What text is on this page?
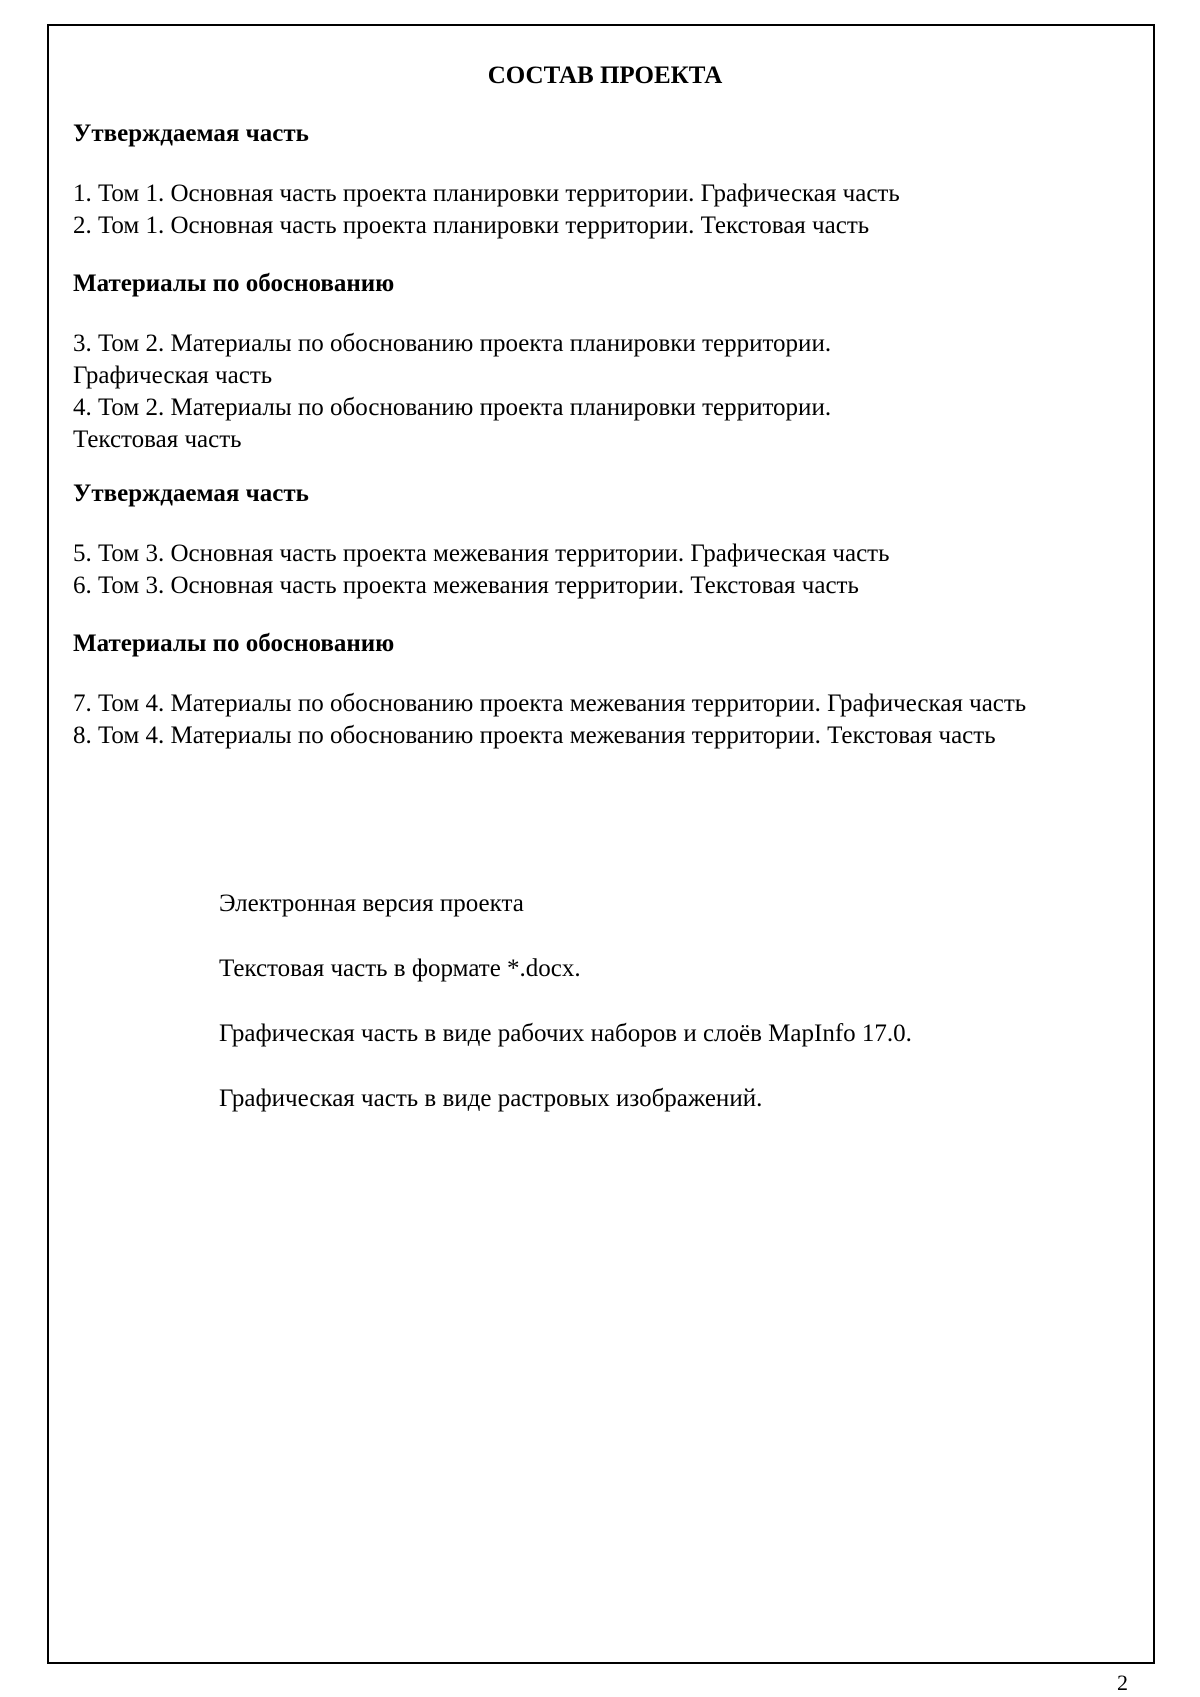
СОСТАВ ПРОЕКТА

Утверждаемая часть

1. Том 1. Основная часть проекта планировки территории. Графическая часть

2. Том 1. Основная часть проекта планировки территории. Текстовая часть

Материалы по обоснованию

3. Том 2. Материалы по обоснованию проекта планировки территории. Графическая часть

4. Том 2. Материалы по обоснованию проекта планировки территории. Текстовая часть

Утверждаемая часть

5. Том 3. Основная часть проекта межевания территории. Графическая часть

6. Том 3. Основная часть проекта межевания территории. Текстовая часть

Материалы по обоснованию

7. Том 4. Материалы по обоснованию проекта межевания территории. Графическая часть

8. Том 4. Материалы по обоснованию проекта межевания территории. Текстовая часть

Электронная версия проекта

Текстовая часть в формате *.docx.

Графическая часть в виде рабочих наборов и слоёв MapInfo 17.0.

Графическая часть в виде растровых изображений.

2
